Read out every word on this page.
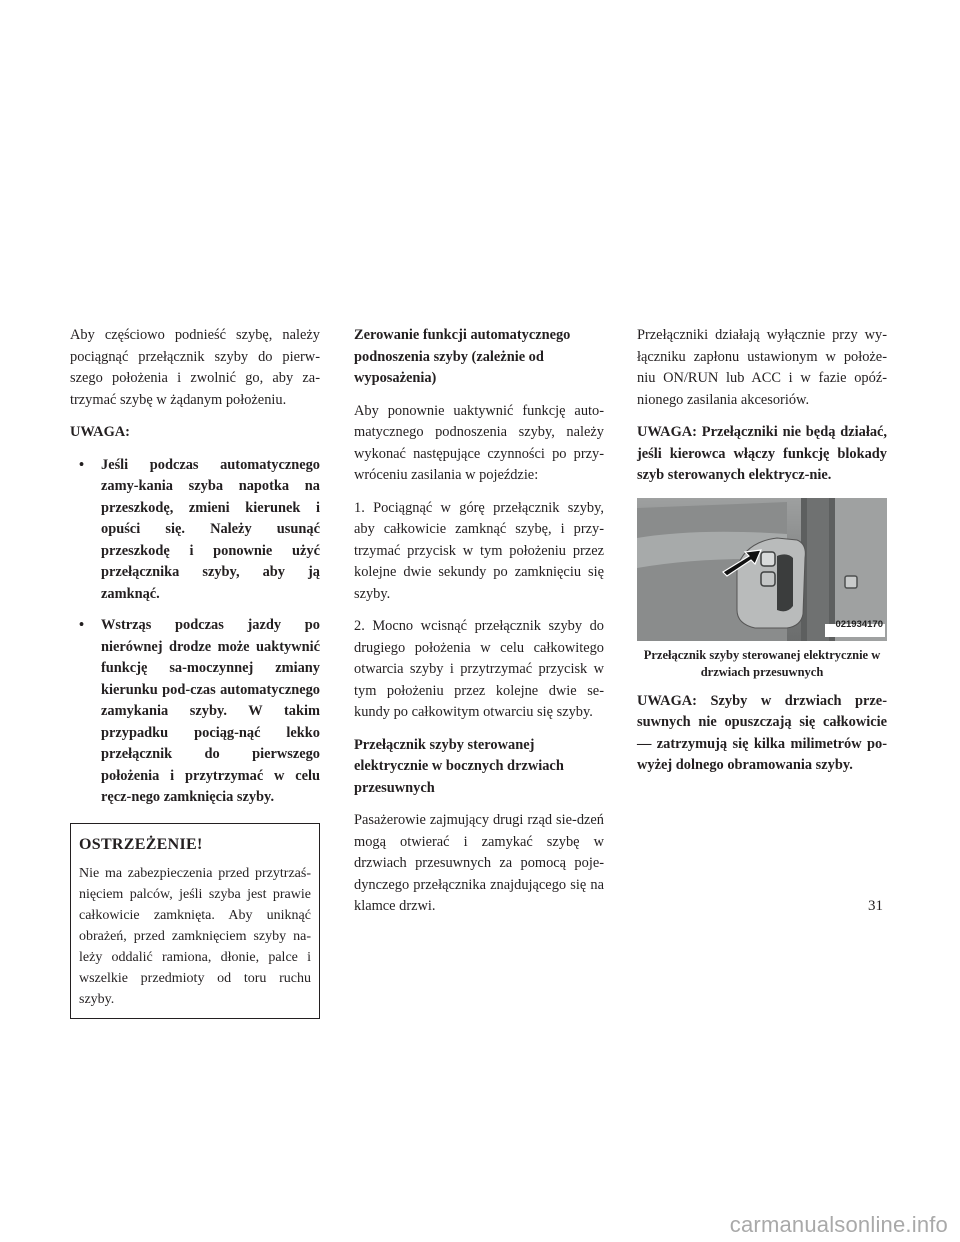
Aby częściowo podnieść szybę, należy pociągnąć przełącznik szyby do pierw-szego położenia i zwolnić go, aby za-trzymać szybę w żądanym położeniu.

UWAGA:

• Jeśli podczas automatycznego zamy-kania szyba napotka na przeszkodę, zmieni kierunek i opuści się. Należy usunąć przeszkodę i ponownie użyć przełącznika szyby, aby ją zamknąć.
• Wstrząs podczas jazdy po nierównej drodze może uaktywnić funkcję sa-moczynnej zmiany kierunku pod-czas automatycznego zamykania szyby. W takim przypadku pociąg-nąć lekko przełącznik do pierwszego położenia i przytrzymać w celu ręcz-nego zamknięcia szyby.
OSTRZEŻENIE!

Nie ma zabezpieczenia przed przytrzaś-nięciem palców, jeśli szyba jest prawie całkowicie zamknięta. Aby uniknąć obrażeń, przed zamknięciem szyby na-leży oddalić ramiona, dłonie, palce i wszelkie przedmioty od toru ruchu szyby.

Zerowanie funkcji automatycznego podnoszenia szyby (zależnie od wyposażenia)

Aby ponownie uaktywnić funkcję auto-matycznego podnoszenia szyby, należy wykonać następujące czynności po przy-wróceniu zasilania w pojeździe:

1. Pociągnąć w górę przełącznik szyby, aby całkowicie zamknąć szybę, i przy-trzymać przycisk w tym położeniu przez kolejne dwie sekundy po zamknięciu się szyby.

2. Mocno wcisnąć przełącznik szyby do drugiego położenia w celu całkowitego otwarcia szyby i przytrzymać przycisk w tym położeniu przez kolejne dwie se-kundy po całkowitym otwarciu się szyby.

Przełącznik szyby sterowanej elektrycznie w bocznych drzwiach przesuwnych

Pasażerowie zajmujący drugi rząd sie-dzeń mogą otwierać i zamykać szybę w drzwiach przesuwnych za pomocą poje-dynczego przełącznika znajdującego się na klamce drzwi.

Przełączniki działają wyłącznie przy wy-łączniku zapłonu ustawionym w położe-niu ON/RUN lub ACC i w fazie opóź-nionego zasilania akcesoriów.

UWAGA: Przełączniki nie będą działać, jeśli kierowca włączy funkcję blokady szyb sterowanych elektrycz-nie.

021934170

Przełącznik szyby sterowanej elektrycznie w drzwiach przesuwnych

UWAGA: Szyby w drzwiach prze-suwnych nie opuszczają się całkowicie — zatrzymują się kilka milimetrów po-wyżej dolnego obramowania szyby.

31
carmanualsonline.info
